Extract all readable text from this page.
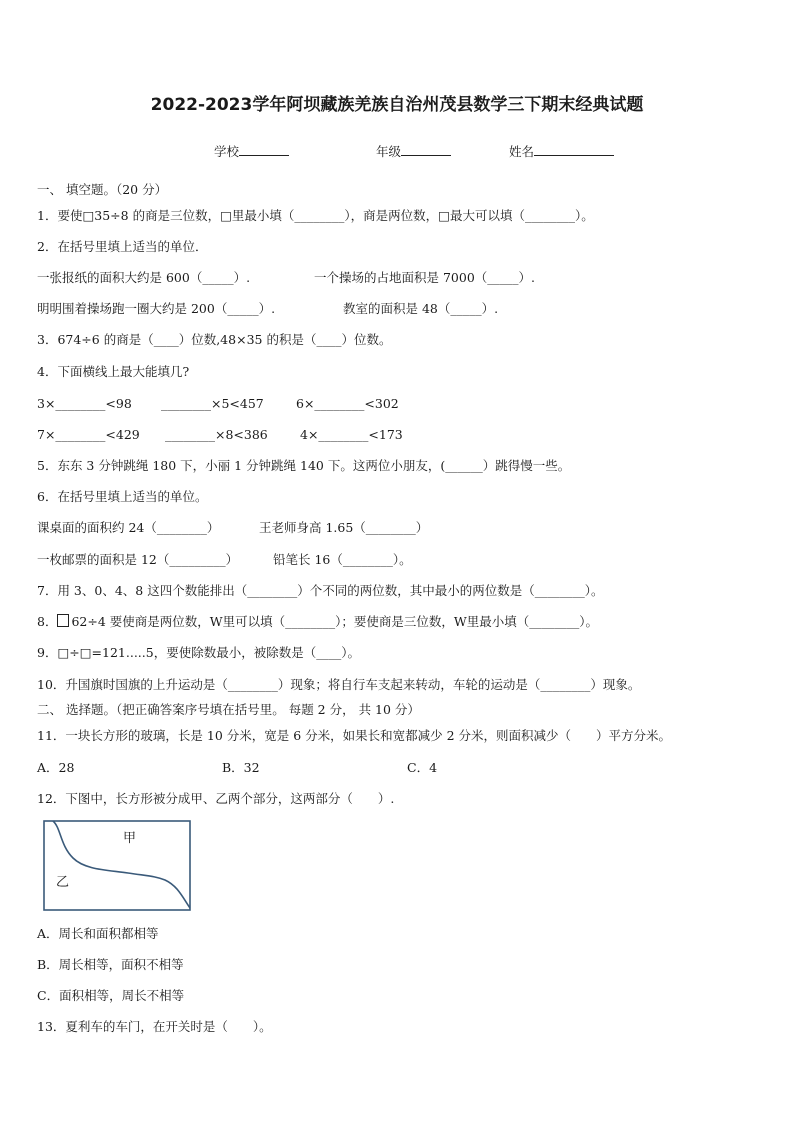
2022-2023学年阿坝藏族羌族自治州茂县数学三下期末经典试题
学校	年级	姓名
一、 填空题。（20 分）
1．要使□35÷8 的商是三位数，□里最小填（________），商是两位数，□最大可以填（________）。
2．在括号里填上适当的单位．
一张报纸的面积大约是 600（_____）.	一个操场的占地面积是 7000（_____）.
明明围着操场跑一圈大约是 200（_____）.	教室的面积是 48（_____）.
3．674÷6 的商是（____）位数,48×35 的积是（____）位数。
4．下面横线上最大能填几?
3×________<98 ________×5<457	6×________<302
7×________<429 ________×8<386	4×________<173
5．东东 3 分钟跳绳 180 下，小丽 1 分钟跳绳 140 下。这两位小朋友，(______）跳得慢一些。
6．在括号里填上适当的单位。
课桌面的面积约 24（________）	王老师身高 1.65（________）
一枚邮票的面积是 12（_________）	铅笔长 16（________）。
7．用 3、0、4、8 这四个数能排出（________）个不同的两位数，其中最小的两位数是（________）。
8． 62÷4 要使商是两位数，W里可以填（________）；要使商是三位数，W里最小填（________）。
9．□÷□=121.....5，要使除数最小，被除数是（____）。
10．升国旗时国旗的上升运动是（________）现象；将自行车支起来转动，车轮的运动是（________）现象。
二、 选择题。（把正确答案序号填在括号里。 每题 2 分， 共 10 分）
11．一块长方形的玻璃，长是 10 分米，宽是 6 分米，如果长和宽都减少 2 分米，则面积减少（　　）平方分米。
A．28	B．32	C．4
12．下图中，长方形被分成甲、乙两个部分，这两部分（　　）.
甲
乙
A．周长和面积都相等
B．周长相等，面积不相等
C．面积相等，周长不相等
13．夏利车的车门，在开关时是（　　）。
